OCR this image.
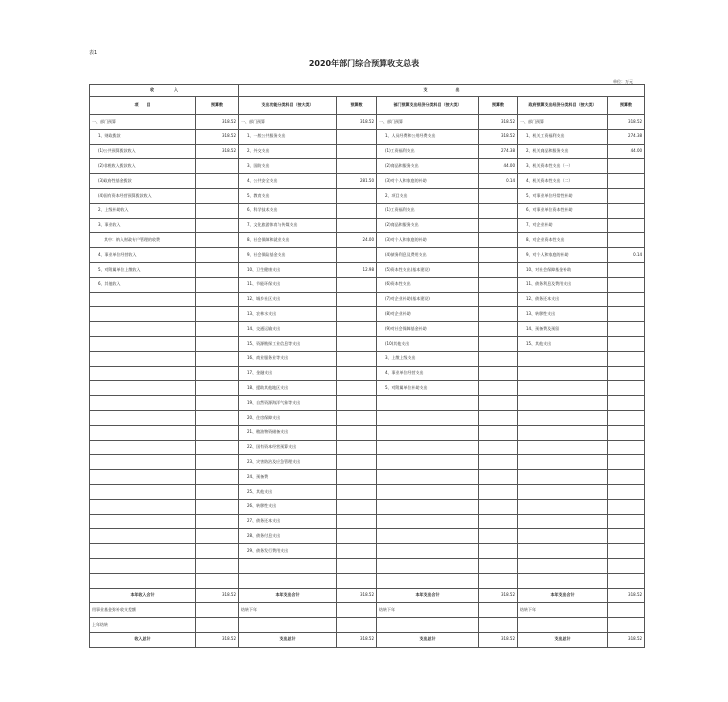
表1
2020年部门综合预算收支总表
单位：万元
收　　　　　入		支　　　　　　　出					
项　　目	预算数	支出功能分类科目（按大类）	预算数	部门预算支出经济分类科目（按大类）	预算数	政府预算支出经济分类科目（按大类）	预算数
一、部门预算	318.52	一、部门预算	318.52	一、部门预算	318.52	一、部门预算	318.52
1、财政拨款	318.52	1、一般公共服务支出		1、人员经费和公用经费支出	318.52	1、机关工资福利支出	274.38
(1)公共预算拨款收入	318.52	2、外交支出		(1)工资福利支出	274.38	2、机关商品和服务支出	44.00
(2)非税收入拨款收入		3、国防支出		(2)商品和服务支出	44.00	3、机关资本性支出（一）	
(3)政府性基金拨款		4、公共安全支出	281.50	(3)对个人和家庭的补助	0.14	4、机关资本性支出（二）	
(4)国有资本经营预算拨款收入		5、教育支出		2、项目支出		5、对事业单位经常性补助	
2、上级补助收入		6、科学技术支出		(1)工资福利支出		6、对事业单位资本性补助	
3、事业收入		7、文化旅游体育与传媒支出		(2)商品和服务支出		7、对企业补助	
其中：纳入财政专户管理的收费		8、社会保障和就业支出	24.00	(3)对个人和家庭的补助		8、对企业资本性支出	
4、事业单位经营收入		9、社会保险基金支出		(4)债务利息及费用支出		9、对个人和家庭的补助	0.14
5、对附属单位上缴收入		10、卫生健康支出	12.98	(5)资本性支出(基本建设)		10、对社会保障基金补助	
6、其他收入		11、节能环保支出		(6)资本性支出		11、债务利息及费用支出	
		12、城乡社区支出		(7)对企业补助(基本建设)		12、债务还本支出	
		13、农林水支出		(8)对企业补助		13、转移性支出	
		14、交通运输支出		(9)对社会保障基金补助		14、预备费及预留	
		15、资源勘探工业信息等支出		(10)其他支出		15、其他支出	
		16、商业服务业等支出		3、上缴上级支出			
		17、金融支出		4、事业单位经营支出			
		18、援助其他地区支出		5、对附属单位补助支出			
		19、自然资源海洋气象等支出					
		20、住房保障支出					
		21、粮油物资储备支出					
		22、国有资本经营预算支出					
		23、灾害防治及应急管理支出					
		24、预备费					
		25、其他支出					
		26、转移性支出					
		27、债务还本支出					
		28、债务付息支出					
		29、债务发行费用支出					

本年收入合计	318.52	本年支出合计	318.52	本年支出合计	318.52	本年支出合计	318.52
用事业基金弥补收支差额		结转下年		结转下年		结转下年	
上年结转							
收入总计	318.52	支出总计	318.52	支出总计	318.52	支出总计	318.52
